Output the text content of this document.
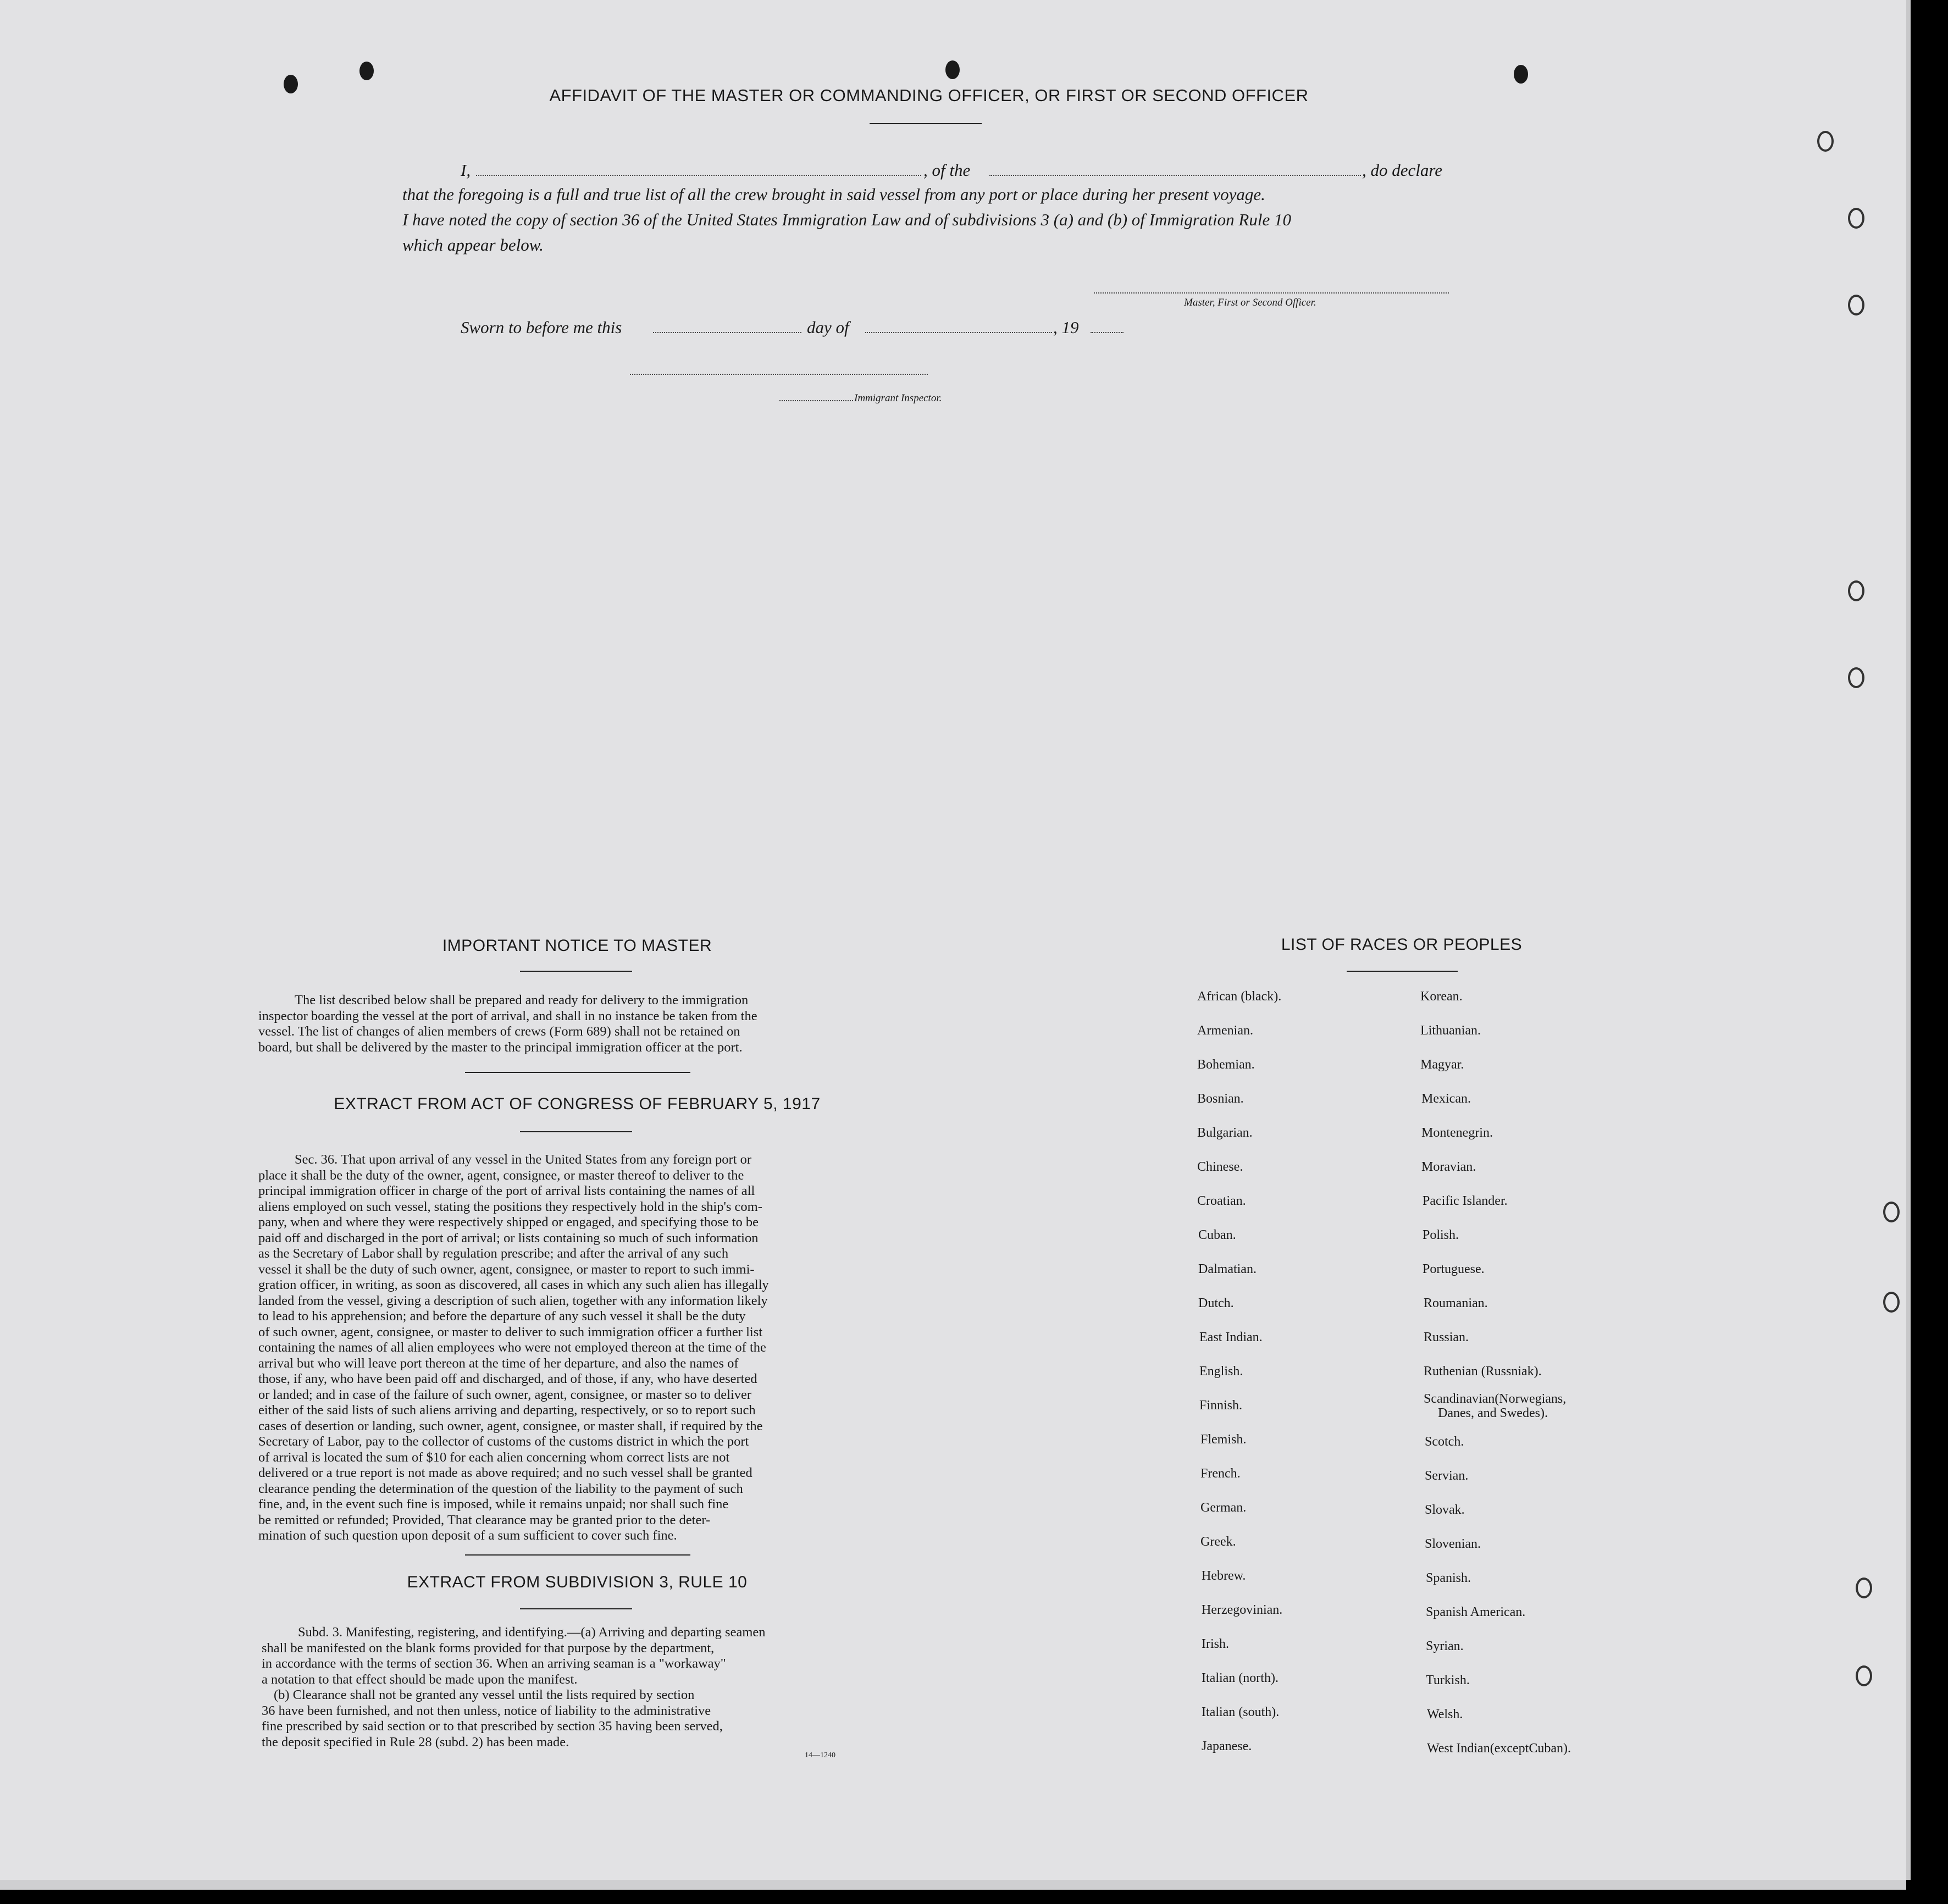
AFFIDAVIT OF THE MASTER OR COMMANDING OFFICER, OR FIRST OR SECOND OFFICER
I,	, of the	, do declare
that the foregoing is a full and true list of all the crew brought in said vessel from any port or place during her present voyage.
I have noted the copy of section 36 of the United States Immigration Law and of subdivisions 3 (a) and (b) of Immigration Rule 10
which appear below.
Master, First or Second Officer.
Sworn to before me this	day of	, 19
Immigrant Inspector.
IMPORTANT NOTICE TO MASTER
The list described below shall be prepared and ready for delivery to the immigration
inspector boarding the vessel at the port of arrival, and shall in no instance be taken from the
vessel. The list of changes of alien members of crews (Form 689) shall not be retained on
board, but shall be delivered by the master to the principal immigration officer at the port.
EXTRACT FROM ACT OF CONGRESS OF FEBRUARY 5, 1917
Sec. 36. That upon arrival of any vessel in the United States from any foreign port or
place it shall be the duty of the owner, agent, consignee, or master thereof to deliver to the
principal immigration officer in charge of the port of arrival lists containing the names of all
aliens employed on such vessel, stating the positions they respectively hold in the ship's com-
pany, when and where they were respectively shipped or engaged, and specifying those to be
paid off and discharged in the port of arrival; or lists containing so much of such information
as the Secretary of Labor shall by regulation prescribe; and after the arrival of any such
vessel it shall be the duty of such owner, agent, consignee, or master to report to such immi-
gration officer, in writing, as soon as discovered, all cases in which any such alien has illegally
landed from the vessel, giving a description of such alien, together with any information likely
to lead to his apprehension; and before the departure of any such vessel it shall be the duty
of such owner, agent, consignee, or master to deliver to such immigration officer a further list
containing the names of all alien employees who were not employed thereon at the time of the
arrival but who will leave port thereon at the time of her departure, and also the names of
those, if any, who have been paid off and discharged, and of those, if any, who have deserted
or landed; and in case of the failure of such owner, agent, consignee, or master so to deliver
either of the said lists of such aliens arriving and departing, respectively, or so to report such
cases of desertion or landing, such owner, agent, consignee, or master shall, if required by the
Secretary of Labor, pay to the collector of customs of the customs district in which the port
of arrival is located the sum of $10 for each alien concerning whom correct lists are not
delivered or a true report is not made as above required; and no such vessel shall be granted
clearance pending the determination of the question of the liability to the payment of such
fine, and, in the event such fine is imposed, while it remains unpaid; nor shall such fine
be remitted or refunded; Provided, That clearance may be granted prior to the deter-
mination of such question upon deposit of a sum sufficient to cover such fine.
EXTRACT FROM SUBDIVISION 3, RULE 10
Subd. 3. Manifesting, registering, and identifying.—(a) Arriving and departing seamen
shall be manifested on the blank forms provided for that purpose by the department,
in accordance with the terms of section 36. When an arriving seaman is a "workaway"
a notation to that effect should be made upon the manifest.
(b) Clearance shall not be granted any vessel until the lists required by section
36 have been furnished, and not then unless, notice of liability to the administrative
fine prescribed by said section or to that prescribed by section 35 having been served,
the deposit specified in Rule 28 (subd. 2) has been made.
14—1240
LIST OF RACES OR PEOPLES
African (black).
Armenian.
Bohemian.
Bosnian.
Bulgarian.
Chinese.
Croatian.
Cuban.
Dalmatian.
Dutch.
East Indian.
English.
Finnish.
Flemish.
French.
German.
Greek.
Hebrew.
Herzegovinian.
Irish.
Italian (north).
Italian (south).
Japanese.
Korean.
Lithuanian.
Magyar.
Mexican.
Montenegrin.
Moravian.
Pacific Islander.
Polish.
Portuguese.
Roumanian.
Russian.
Ruthenian (Russniak).
Scandinavian(Norwegians,
Danes, and Swedes).
Scotch.
Servian.
Slovak.
Slovenian.
Spanish.
Spanish American.
Syrian.
Turkish.
Welsh.
West Indian(exceptCuban).
